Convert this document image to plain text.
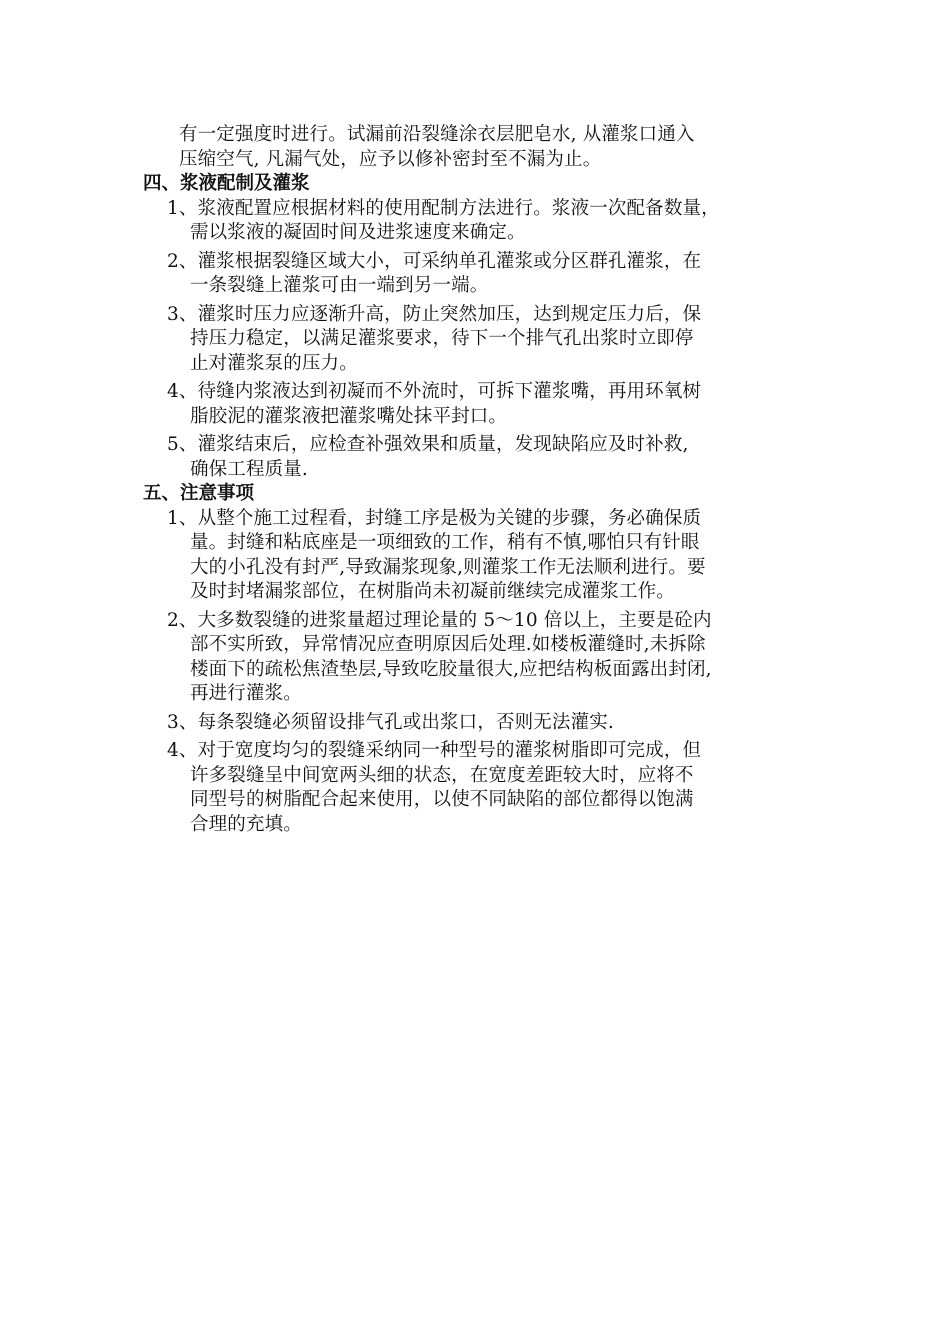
有一定强度时进行。试漏前沿裂缝涂衣层肥皂水, 从灌浆口通入
压缩空气, 凡漏气处，应予以修补密封至不漏为止。
四、浆液配制及灌浆
1、浆液配置应根据材料的使用配制方法进行。浆液一次配备数量，
需以浆液的凝固时间及进浆速度来确定。
2、灌浆根据裂缝区域大小，可采纳单孔灌浆或分区群孔灌浆，在
一条裂缝上灌浆可由一端到另一端。
3、灌浆时压力应逐渐升高，防止突然加压，达到规定压力后，保
持压力稳定，以满足灌浆要求，待下一个排气孔出浆时立即停
止对灌浆泵的压力。
4、待缝内浆液达到初凝而不外流时，可拆下灌浆嘴，再用环氧树
脂胶泥的灌浆液把灌浆嘴处抹平封口。
5、灌浆结束后，应检查补强效果和质量，发现缺陷应及时补救,
确保工程质量.
五、注意事项
1、从整个施工过程看，封缝工序是极为关键的步骤，务必确保质
量。封缝和粘底座是一项细致的工作，稍有不慎,哪怕只有针眼
大的小孔没有封严,导致漏浆现象,则灌浆工作无法顺利进行。要
及时封堵漏浆部位，在树脂尚未初凝前继续完成灌浆工作。
2、大多数裂缝的进浆量超过理论量的 5～10 倍以上，主要是砼内
部不实所致，异常情况应查明原因后处理.如楼板灌缝时,未拆除
楼面下的疏松焦渣垫层,导致吃胶量很大,应把结构板面露出封闭,
再进行灌浆。
3、每条裂缝必须留设排气孔或出浆口，否则无法灌实.
4、对于宽度均匀的裂缝采纳同一种型号的灌浆树脂即可完成，但
许多裂缝呈中间宽两头细的状态，在宽度差距较大时，应将不
同型号的树脂配合起来使用，以使不同缺陷的部位都得以饱满
合理的充填。
